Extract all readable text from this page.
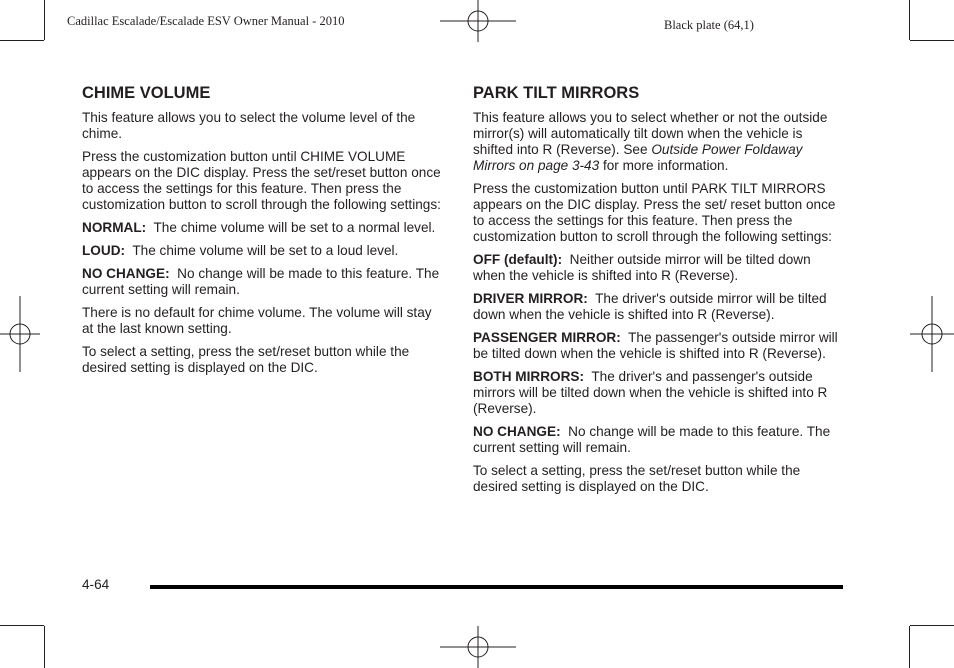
Cadillac Escalade/Escalade ESV Owner Manual - 2010	Black plate (64,1)
CHIME VOLUME

This feature allows you to select the volume level of the chime.

Press the customization button until CHIME VOLUME appears on the DIC display. Press the set/reset button once to access the settings for this feature. Then press the customization button to scroll through the following settings:

NORMAL: The chime volume will be set to a normal level.

LOUD: The chime volume will be set to a loud level.

NO CHANGE: No change will be made to this feature. The current setting will remain.

There is no default for chime volume. The volume will stay at the last known setting.

To select a setting, press the set/reset button while the desired setting is displayed on the DIC.

PARK TILT MIRRORS

This feature allows you to select whether or not the outside mirror(s) will automatically tilt down when the vehicle is shifted into R (Reverse). See Outside Power Foldaway Mirrors on page 3-43 for more information.

Press the customization button until PARK TILT MIRRORS appears on the DIC display. Press the set/ reset button once to access the settings for this feature. Then press the customization button to scroll through the following settings:

OFF (default): Neither outside mirror will be tilted down when the vehicle is shifted into R (Reverse).

DRIVER MIRROR: The driver's outside mirror will be tilted down when the vehicle is shifted into R (Reverse).

PASSENGER MIRROR: The passenger's outside mirror will be tilted down when the vehicle is shifted into R (Reverse).

BOTH MIRRORS: The driver's and passenger's outside mirrors will be tilted down when the vehicle is shifted into R (Reverse).

NO CHANGE: No change will be made to this feature. The current setting will remain.

To select a setting, press the set/reset button while the desired setting is displayed on the DIC.

4-64
